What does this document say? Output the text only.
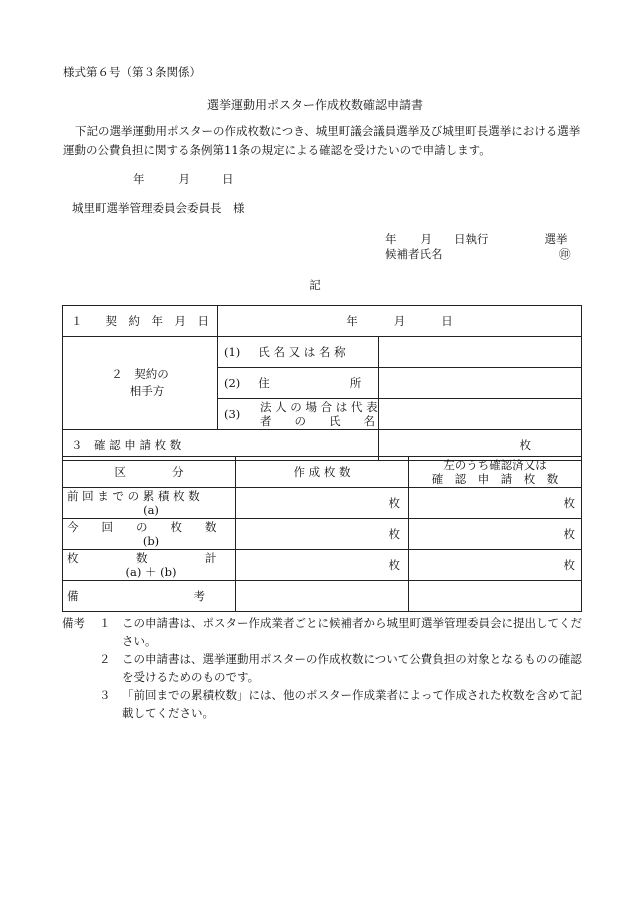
様式第６号（第３条関係）
選挙運動用ポスター作成枚数確認申請書
下記の選挙運動用ポスターの作成枚数につき、城里町議会議員選挙及び城里町長選挙における選挙運動の公費負担に関する条例第11条の規定による確認を受けたいので申請します。
年	月	日
城里町選挙管理委員会委員長　様
年 月 日執行	選挙
候補者氏名	㊞
記
１　　契　約　年　月　日	年 月 日	

２　契約の
相手方	(1) 氏 名 又 は 名 称	
	(2) 住 所	

	(3) 法 人 の 場 合 は 代 表
者　　の　　氏　　名	

３　確 認 申 請 枚 数		枚
区　　　　分	作 成 枚 数	左のうち確認済又は
確　認　申　請　枚　数

前 回 ま で の 累 積 枚 数
(a)	枚	枚

今　　回　　の　　枚　　数
(b)	枚	枚

枚　　　　　数　　　　　計
(a) ＋ (b)	枚	枚
備　　　　　　　　　　考		
備考 １	この申請書は、ポスター作成業者ごとに候補者から城里町選挙管理委員会に提出してください。
２	この申請書は、選挙運動用ポスターの作成枚数について公費負担の対象となるものの確認を受けるためのものです。
３	「前回までの累積枚数」には、他のポスター作成業者によって作成された枚数を含めて記載してください。
